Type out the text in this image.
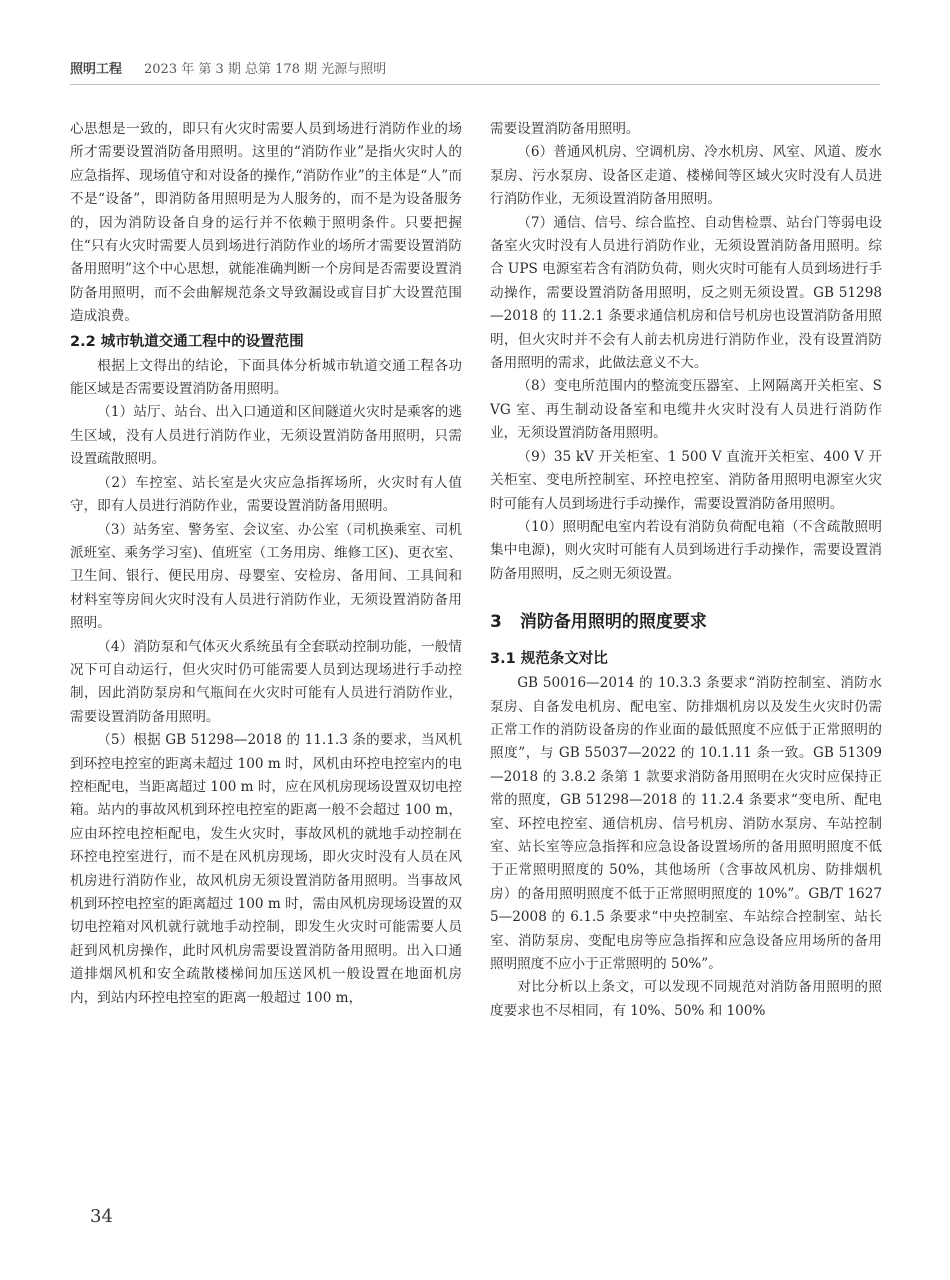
照明工程 2023 年 第 3 期 总第 178 期 光源与照明

心思想是一致的，即只有火灾时需要人员到场进行消防作业的场所才需要设置消防备用照明。这里的“消防作业”是指火灾时人的应急指挥、现场值守和对设备的操作,“消防作业”的主体是“人”而不是“设备”，即消防备用照明是为人服务的，而不是为设备服务的，因为消防设备自身的运行并不依赖于照明条件。只要把握住“只有火灾时需要人员到场进行消防作业的场所才需要设置消防备用照明”这个中心思想，就能准确判断一个房间是否需要设置消防备用照明，而不会曲解规范条文导致漏设或盲目扩大设置范围造成浪费。

2.2 城市轨道交通工程中的设置范围

根据上文得出的结论，下面具体分析城市轨道交通工程各功能区域是否需要设置消防备用照明。

（1）站厅、站台、出入口通道和区间隧道火灾时是乘客的逃生区域，没有人员进行消防作业，无须设置消防备用照明，只需设置疏散照明。

（2）车控室、站长室是火灾应急指挥场所，火灾时有人值守，即有人员进行消防作业，需要设置消防备用照明。

（3）站务室、警务室、会议室、办公室（司机换乘室、司机派班室、乘务学习室)、值班室（工务用房、维修工区)、更衣室、卫生间、银行、便民用房、母婴室、安检房、备用间、工具间和材料室等房间火灾时没有人员进行消防作业，无须设置消防备用照明。

（4）消防泵和气体灭火系统虽有全套联动控制功能，一般情况下可自动运行，但火灾时仍可能需要人员到达现场进行手动控制，因此消防泵房和气瓶间在火灾时可能有人员进行消防作业，需要设置消防备用照明。

（5）根据 GB 51298—2018 的 11.1.3 条的要求，当风机到环控电控室的距离未超过 100 m 时，风机由环控电控室内的电控柜配电，当距离超过 100 m 时，应在风机房现场设置双切电控箱。站内的事故风机到环控电控室的距离一般不会超过 100 m，应由环控电控柜配电，发生火灾时，事故风机的就地手动控制在环控电控室进行，而不是在风机房现场，即火灾时没有人员在风机房进行消防作业，故风机房无须设置消防备用照明。当事故风机到环控电控室的距离超过 100 m 时，需由风机房现场设置的双切电控箱对风机就行就地手动控制，即发生火灾时可能需要人员赶到风机房操作，此时风机房需要设置消防备用照明。出入口通道排烟风机和安全疏散楼梯间加压送风机一般设置在地面机房内，到站内环控电控室的距离一般超过 100 m，

需要设置消防备用照明。

（6）普通风机房、空调机房、冷水机房、风室、风道、废水泵房、污水泵房、设备区走道、楼梯间等区域火灾时没有人员进行消防作业，无须设置消防备用照明。

（7）通信、信号、综合监控、自动售检票、站台门等弱电设备室火灾时没有人员进行消防作业，无须设置消防备用照明。综合 UPS 电源室若含有消防负荷，则火灾时可能有人员到场进行手动操作，需要设置消防备用照明，反之则无须设置。GB 51298—2018 的 11.2.1 条要求通信机房和信号机房也设置消防备用照明，但火灾时并不会有人前去机房进行消防作业，没有设置消防备用照明的需求，此做法意义不大。

（8）变电所范围内的整流变压器室、上网隔离开关柜室、SVG 室、再生制动设备室和电缆井火灾时没有人员进行消防作业，无须设置消防备用照明。

（9）35 kV 开关柜室、1 500 V 直流开关柜室、400 V 开关柜室、变电所控制室、环控电控室、消防备用照明电源室火灾时可能有人员到场进行手动操作，需要设置消防备用照明。

（10）照明配电室内若设有消防负荷配电箱（不含疏散照明集中电源)，则火灾时可能有人员到场进行手动操作，需要设置消防备用照明，反之则无须设置。

3 消防备用照明的照度要求
3.1 规范条文对比

GB 50016—2014 的 10.3.3 条要求“消防控制室、消防水泵房、自备发电机房、配电室、防排烟机房以及发生火灾时仍需正常工作的消防设备房的作业面的最低照度不应低于正常照明的照度”，与 GB 55037—2022 的 10.1.11 条一致。GB 51309—2018 的 3.8.2 条第 1 款要求消防备用照明在火灾时应保持正常的照度，GB 51298—2018 的 11.2.4 条要求“变电所、配电室、环控电控室、通信机房、信号机房、消防水泵房、车站控制室、站长室等应急指挥和应急设备设置场所的备用照明照度不低于正常照明照度的 50%，其他场所（含事故风机房、防排烟机房）的备用照明照度不低于正常照明照度的 10%”。GB/T 16275—2008 的 6.1.5 条要求“中央控制室、车站综合控制室、站长室、消防泵房、变配电房等应急指挥和应急设备应用场所的备用照明照度不应小于正常照明的 50%”。

对比分析以上条文，可以发现不同规范对消防备用照明的照度要求也不尽相同，有 10%、50% 和 100%

34
